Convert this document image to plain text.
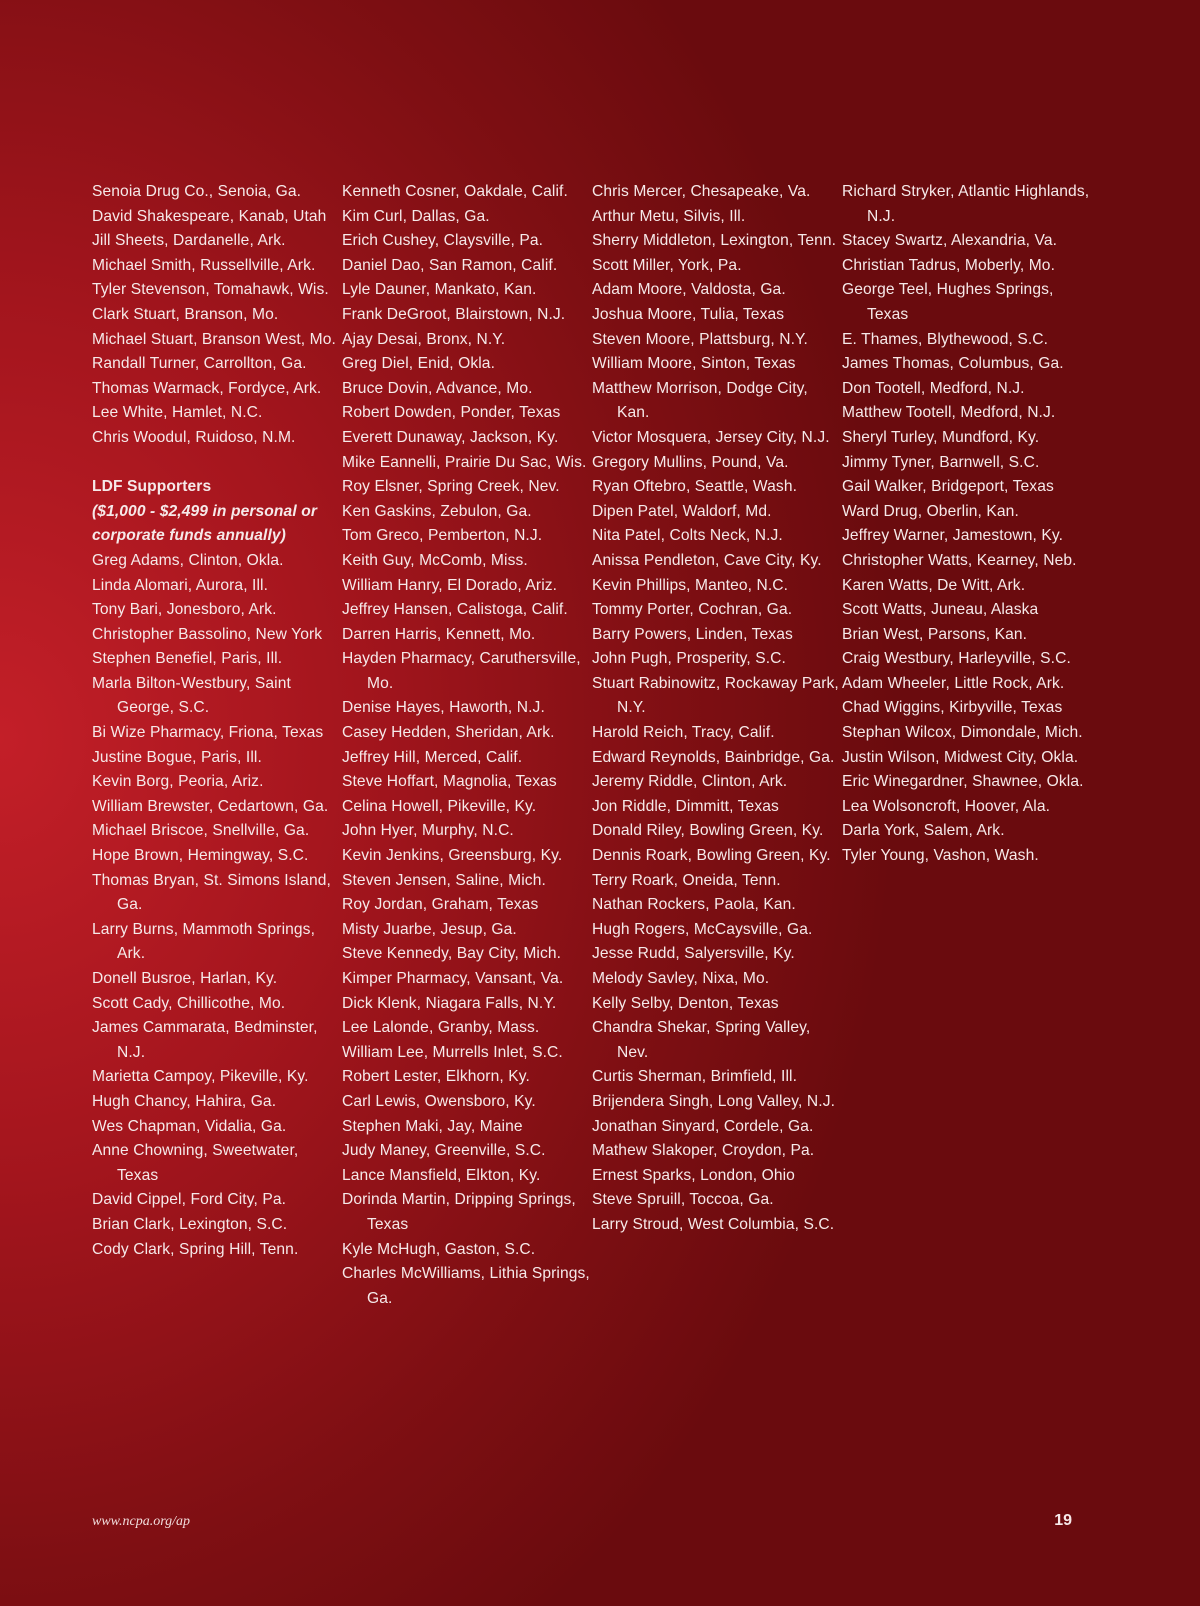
Senoia Drug Co., Senoia, Ga.
David Shakespeare, Kanab, Utah
Jill Sheets, Dardanelle, Ark.
Michael Smith, Russellville, Ark.
Tyler Stevenson, Tomahawk, Wis.
Clark Stuart, Branson, Mo.
Michael Stuart, Branson West, Mo.
Randall Turner, Carrollton, Ga.
Thomas Warmack, Fordyce, Ark.
Lee White, Hamlet, N.C.
Chris Woodul, Ruidoso, N.M.
LDF Supporters
($1,000 - $2,499 in personal or corporate funds annually)
Greg Adams, Clinton, Okla.
Linda Alomari, Aurora, Ill.
Tony Bari, Jonesboro, Ark.
Christopher Bassolino, New York
Stephen Benefiel, Paris, Ill.
Marla Bilton-Westbury, Saint George, S.C.
Bi Wize Pharmacy, Friona, Texas
Justine Bogue, Paris, Ill.
Kevin Borg, Peoria, Ariz.
William Brewster, Cedartown, Ga.
Michael Briscoe, Snellville, Ga.
Hope Brown, Hemingway, S.C.
Thomas Bryan, St. Simons Island, Ga.
Larry Burns, Mammoth Springs, Ark.
Donell Busroe, Harlan, Ky.
Scott Cady, Chillicothe, Mo.
James Cammarata, Bedminster, N.J.
Marietta Campoy, Pikeville, Ky.
Hugh Chancy, Hahira, Ga.
Wes Chapman, Vidalia, Ga.
Anne Chowning, Sweetwater, Texas
David Cippel, Ford City, Pa.
Brian Clark, Lexington, S.C.
Cody Clark, Spring Hill, Tenn.
Kenneth Cosner, Oakdale, Calif.
Kim Curl, Dallas, Ga.
Erich Cushey, Claysville, Pa.
Daniel Dao, San Ramon, Calif.
Lyle Dauner, Mankato, Kan.
Frank DeGroot, Blairstown, N.J.
Ajay Desai, Bronx, N.Y.
Greg Diel, Enid, Okla.
Bruce Dovin, Advance, Mo.
Robert Dowden, Ponder, Texas
Everett Dunaway, Jackson, Ky.
Mike Eannelli, Prairie Du Sac, Wis.
Roy Elsner, Spring Creek, Nev.
Ken Gaskins, Zebulon, Ga.
Tom Greco, Pemberton, N.J.
Keith Guy, McComb, Miss.
William Hanry, El Dorado, Ariz.
Jeffrey Hansen, Calistoga, Calif.
Darren Harris, Kennett, Mo.
Hayden Pharmacy, Caruthersville, Mo.
Denise Hayes, Haworth, N.J.
Casey Hedden, Sheridan, Ark.
Jeffrey Hill, Merced, Calif.
Steve Hoffart, Magnolia, Texas
Celina Howell, Pikeville, Ky.
John Hyer, Murphy, N.C.
Kevin Jenkins, Greensburg, Ky.
Steven Jensen, Saline, Mich.
Roy Jordan, Graham, Texas
Misty Juarbe, Jesup, Ga.
Steve Kennedy, Bay City, Mich.
Kimper Pharmacy, Vansant, Va.
Dick Klenk, Niagara Falls, N.Y.
Lee Lalonde, Granby, Mass.
William Lee, Murrells Inlet, S.C.
Robert Lester, Elkhorn, Ky.
Carl Lewis, Owensboro, Ky.
Stephen Maki, Jay, Maine
Judy Maney, Greenville, S.C.
Lance Mansfield, Elkton, Ky.
Dorinda Martin, Dripping Springs, Texas
Kyle McHugh, Gaston, S.C.
Charles McWilliams, Lithia Springs, Ga.
Chris Mercer, Chesapeake, Va.
Arthur Metu, Silvis, Ill.
Sherry Middleton, Lexington, Tenn.
Scott Miller, York, Pa.
Adam Moore, Valdosta, Ga.
Joshua Moore, Tulia, Texas
Steven Moore, Plattsburg, N.Y.
William Moore, Sinton, Texas
Matthew Morrison, Dodge City, Kan.
Victor Mosquera, Jersey City, N.J.
Gregory Mullins, Pound, Va.
Ryan Oftebro, Seattle, Wash.
Dipen Patel, Waldorf, Md.
Nita Patel, Colts Neck, N.J.
Anissa Pendleton, Cave City, Ky.
Kevin Phillips, Manteo, N.C.
Tommy Porter, Cochran, Ga.
Barry Powers, Linden, Texas
John Pugh, Prosperity, S.C.
Stuart Rabinowitz, Rockaway Park, N.Y.
Harold Reich, Tracy, Calif.
Edward Reynolds, Bainbridge, Ga.
Jeremy Riddle, Clinton, Ark.
Jon Riddle, Dimmitt, Texas
Donald Riley, Bowling Green, Ky.
Dennis Roark, Bowling Green, Ky.
Terry Roark, Oneida, Tenn.
Nathan Rockers, Paola, Kan.
Hugh Rogers, McCaysville, Ga.
Jesse Rudd, Salyersville, Ky.
Melody Savley, Nixa, Mo.
Kelly Selby, Denton, Texas
Chandra Shekar, Spring Valley, Nev.
Curtis Sherman, Brimfield, Ill.
Brijendera Singh, Long Valley, N.J.
Jonathan Sinyard, Cordele, Ga.
Mathew Slakoper, Croydon, Pa.
Ernest Sparks, London, Ohio
Steve Spruill, Toccoa, Ga.
Larry Stroud, West Columbia, S.C.
Richard Stryker, Atlantic Highlands, N.J.
Stacey Swartz, Alexandria, Va.
Christian Tadrus, Moberly, Mo.
George Teel, Hughes Springs, Texas
E. Thames, Blythewood, S.C.
James Thomas, Columbus, Ga.
Don Tootell, Medford, N.J.
Matthew Tootell, Medford, N.J.
Sheryl Turley, Mundford, Ky.
Jimmy Tyner, Barnwell, S.C.
Gail Walker, Bridgeport, Texas
Ward Drug, Oberlin, Kan.
Jeffrey Warner, Jamestown, Ky.
Christopher Watts, Kearney, Neb.
Karen Watts, De Witt, Ark.
Scott Watts, Juneau, Alaska
Brian West, Parsons, Kan.
Craig Westbury, Harleyville, S.C.
Adam Wheeler, Little Rock, Ark.
Chad Wiggins, Kirbyville, Texas
Stephan Wilcox, Dimondale, Mich.
Justin Wilson, Midwest City, Okla.
Eric Winegardner, Shawnee, Okla.
Lea Wolsoncroft, Hoover, Ala.
Darla York, Salem, Ark.
Tyler Young, Vashon, Wash.
www.ncpa.org/ap	19
